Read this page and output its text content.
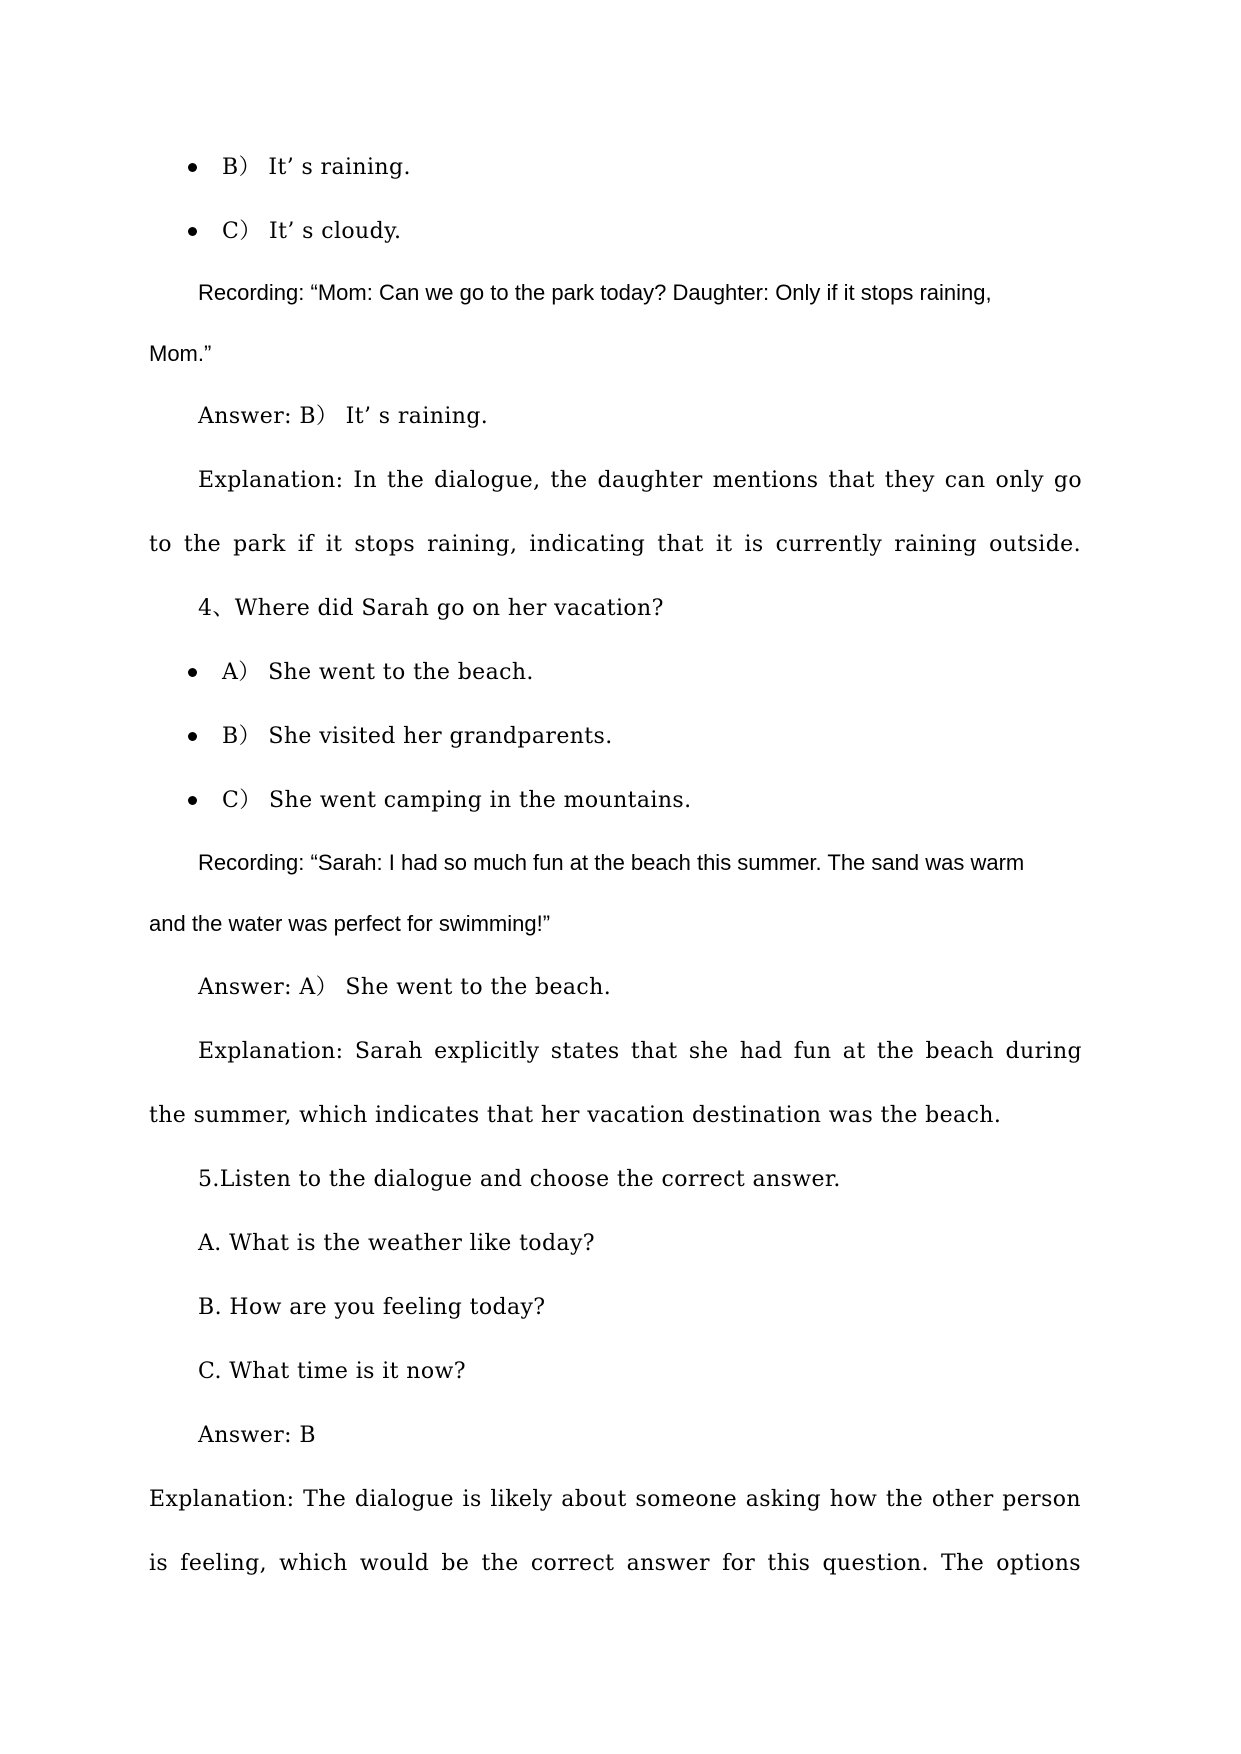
B） It’ s raining.
C） It’ s cloudy.
Recording: “Mom: Can we go to the park today? Daughter: Only if it stops raining,
Mom.”
Answer: B） It’ s raining.
Explanation: In the dialogue, the daughter mentions that they can only go
to the park if it stops raining, indicating that it is currently raining outside.
4、Where did Sarah go on her vacation?
A） She went to the beach.
B） She visited her grandparents.
C） She went camping in the mountains.
Recording: “Sarah: I had so much fun at the beach this summer. The sand was warm
and the water was perfect for swimming!”
Answer: A） She went to the beach.
Explanation: Sarah explicitly states that she had fun at the beach during
the summer, which indicates that her vacation destination was the beach.
5.Listen to the dialogue and choose the correct answer.
A. What is the weather like today?
B. How are you feeling today?
C. What time is it now?
Answer: B
Explanation: The dialogue is likely about someone asking how the other person
is feeling, which would be the correct answer for this question. The options
